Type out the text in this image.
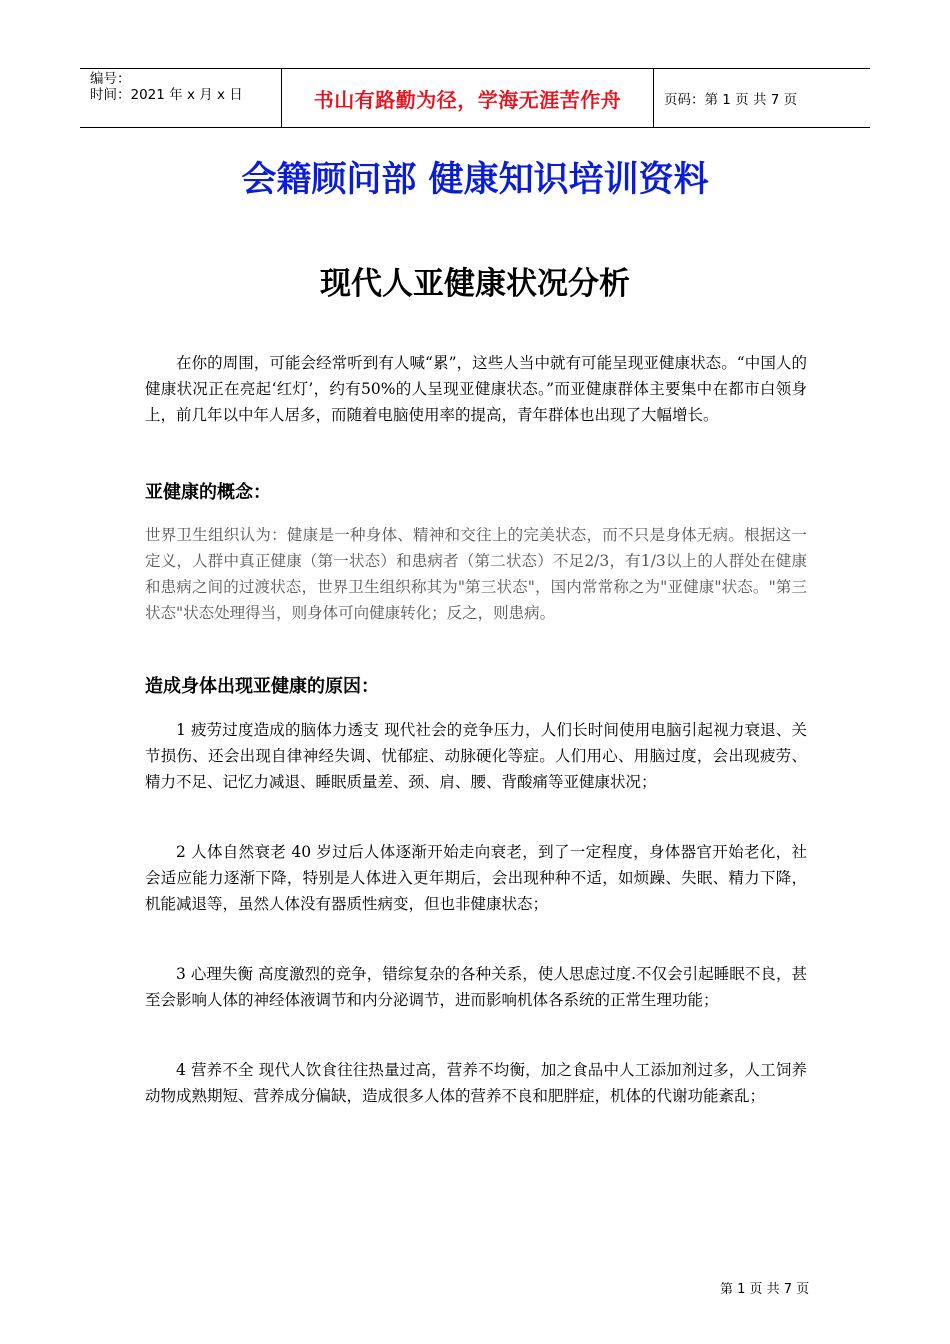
编号：
时间：2021 年 x 月 x 日	书山有路勤为径，学海无涯苦作舟	页码：第 1 页 共 7 页
会籍顾问部 健康知识培训资料
现代人亚健康状况分析

在你的周围，可能会经常听到有人喊“累”，这些人当中就有可能呈现亚健康状态。“中国人的健康状况正在亮起‘红灯’，约有50%的人呈现亚健康状态。”而亚健康群体主要集中在都市白领身上，前几年以中年人居多，而随着电脑使用率的提高，青年群体也出现了大幅增长。

亚健康的概念：

世界卫生组织认为：健康是一种身体、精神和交往上的完美状态，而不只是身体无病。根据这一定义，人群中真正健康（第一状态）和患病者（第二状态）不足2/3，有1/3以上的人群处在健康和患病之间的过渡状态，世界卫生组织称其为"第三状态"，国内常常称之为"亚健康"状态。"第三状态"状态处理得当，则身体可向健康转化；反之，则患病。

造成身体出现亚健康的原因：

1 疲劳过度造成的脑体力透支 现代社会的竞争压力，人们长时间使用电脑引起视力衰退、关节损伤、还会出现自律神经失调、忧郁症、动脉硬化等症。人们用心、用脑过度，会出现疲劳、精力不足、记忆力减退、睡眠质量差、颈、肩、腰、背酸痛等亚健康状况；

2 人体自然衰老 40 岁过后人体逐渐开始走向衰老，到了一定程度，身体器官开始老化，社会适应能力逐渐下降，特别是人体进入更年期后，会出现种种不适，如烦躁、失眠、精力下降，机能减退等，虽然人体没有器质性病变，但也非健康状态；

3 心理失衡 高度激烈的竞争，错综复杂的各种关系，使人思虑过度.不仅会引起睡眠不良，甚至会影响人体的神经体液调节和内分泌调节，进而影响机体各系统的正常生理功能；

4 营养不全 现代人饮食往往热量过高，营养不均衡，加之食品中人工添加剂过多，人工饲养动物成熟期短、营养成分偏缺，造成很多人体的营养不良和肥胖症，机体的代谢功能紊乱；

第 1 页 共 7 页
